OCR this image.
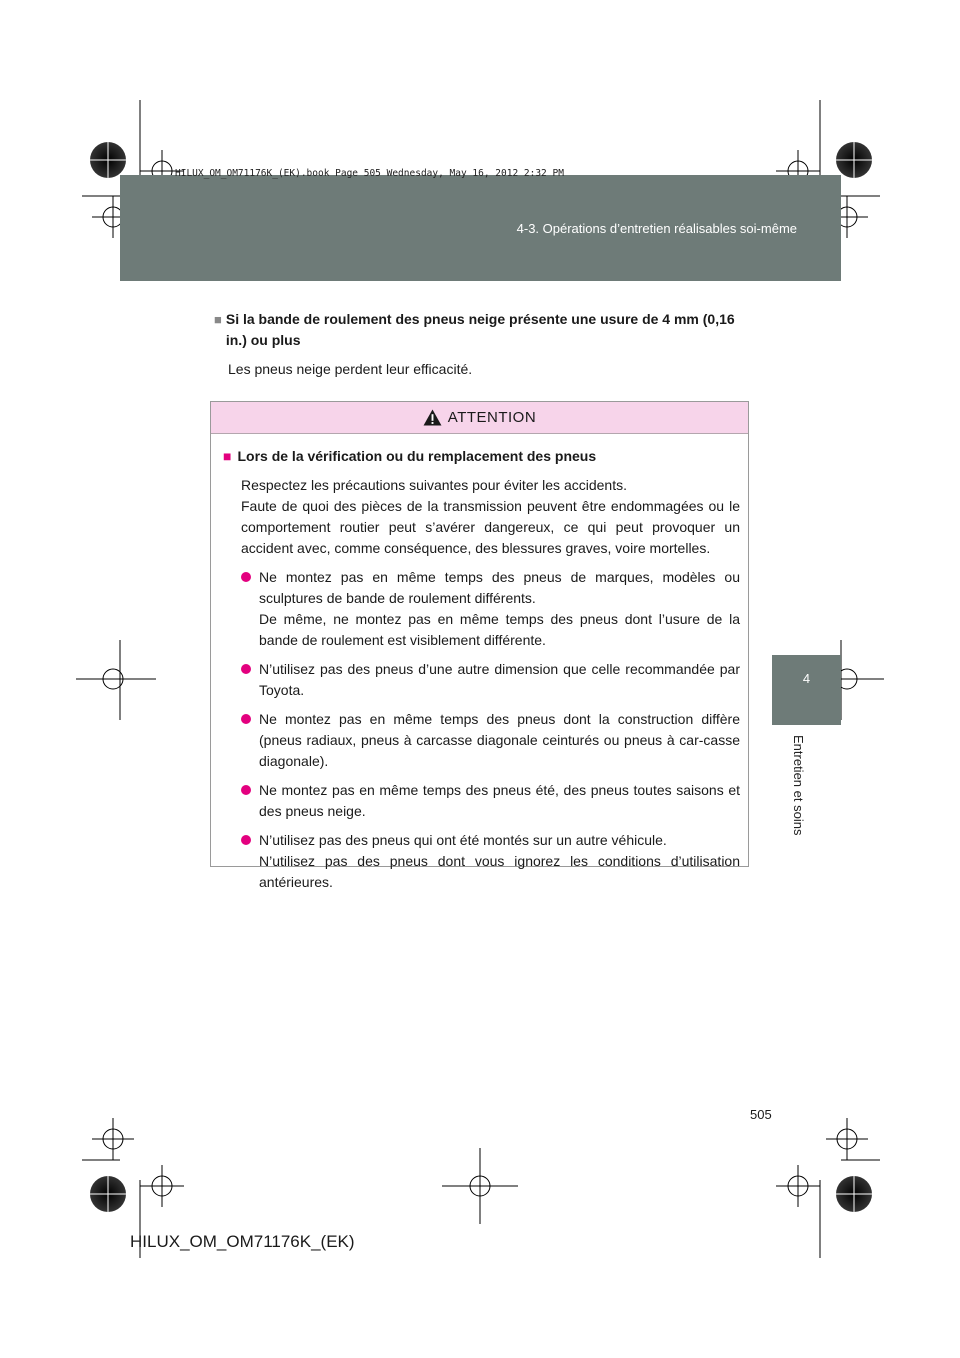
HILUX_OM_OM71176K_(EK).book Page 505 Wednesday, May 16, 2012 2:32 PM
4-3. Opérations d’entretien réalisables soi-même
4
Entretien et soins
■ Si la bande de roulement des pneus neige présente une usure de 4 mm (0,16 in.) ou plus
Les pneus neige perdent leur efficacité.
ATTENTION
■ Lors de la vérification ou du remplacement des pneus
Respectez les précautions suivantes pour éviter les accidents.
Faute de quoi des pièces de la transmission peuvent être endommagées ou le comportement routier peut s’avérer dangereux, ce qui peut provoquer un accident avec, comme conséquence, des blessures graves, voire mortelles.
Ne montez pas en même temps des pneus de marques, modèles ou sculptures de bande de roulement différents.
De même, ne montez pas en même temps des pneus dont l’usure de la bande de roulement est visiblement différente.
N’utilisez pas des pneus d’une autre dimension que celle recommandée par Toyota.
Ne montez pas en même temps des pneus dont la construction diffère (pneus radiaux, pneus à carcasse diagonale ceinturés ou pneus à car-casse diagonale).
Ne montez pas en même temps des pneus été, des pneus toutes saisons et des pneus neige.
N’utilisez pas des pneus qui ont été montés sur un autre véhicule.
N’utilisez pas des pneus dont vous ignorez les conditions d’utilisation antérieures.
505
HILUX_OM_OM71176K_(EK)
